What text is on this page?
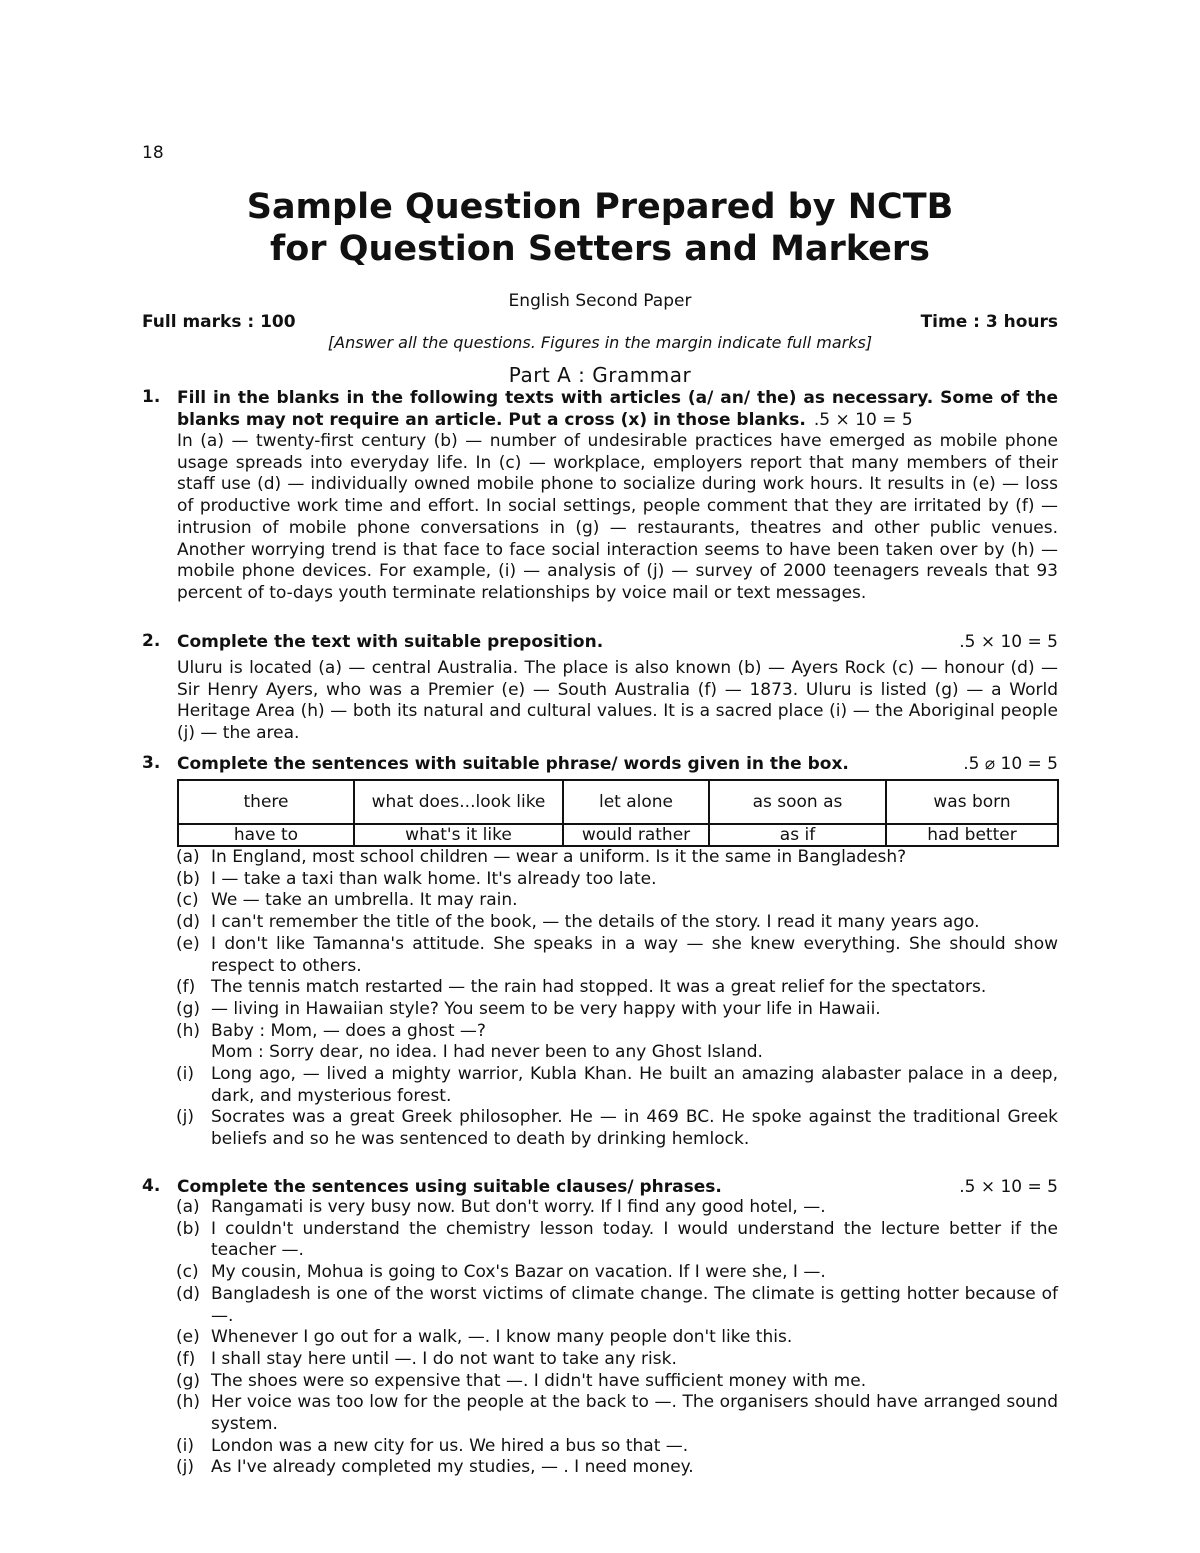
18
Sample Question Prepared by NCTB
for Question Setters and Markers
English Second Paper
Full marks : 100	Time : 3 hours
[Answer all the questions. Figures in the margin indicate full marks]
Part A : Grammar
1. Fill in the blanks in the following texts with articles (a/ an/ the) as necessary. Some of the blanks may not require an article. Put a cross (x) in those blanks. .5 × 10 = 5
In (a) — twenty-first century (b) — number of undesirable practices have emerged as mobile phone usage spreads into everyday life. In (c) — workplace, employers report that many members of their staff use (d) — individually owned mobile phone to socialize during work hours. It results in (e) — loss of productive work time and effort. In social settings, people comment that they are irritated by (f) — intrusion of mobile phone conversations in (g) — restaurants, theatres and other public venues. Another worrying trend is that face to face social interaction seems to have been taken over by (h) — mobile phone devices. For example, (i) — analysis of (j) — survey of 2000 teenagers reveals that 93 percent of to-days youth terminate relationships by voice mail or text messages.
2.	.5 × 10 = 5
Complete the text with suitable preposition.
Uluru is located (a) — central Australia. The place is also known (b) — Ayers Rock (c) — honour (d) — Sir Henry Ayers, who was a Premier (e) — South Australia (f) — 1873. Uluru is listed (g) — a World Heritage Area (h) — both its natural and cultural values. It is a sacred place (i) — the Aboriginal people (j) — the area.
3.	.5 ⌀ 10 = 5
Complete the sentences with suitable phrase/ words given in the box.
there	what does...look like	let alone	as soon as	was born
have to	what's it like	would rather	as if	had better
(a) In England, most school children — wear a uniform. Is it the same in Bangladesh?
(b) I — take a taxi than walk home. It's already too late.
(c) We — take an umbrella. It may rain.
(d) I can't remember the title of the book, — the details of the story. I read it many years ago.
(e) I don't like Tamanna's attitude. She speaks in a way — she knew everything. She should show respect to others.
(f) The tennis match restarted — the rain had stopped. It was a great relief for the spectators.
(g) — living in Hawaiian style? You seem to be very happy with your life in Hawaii.
(h) Baby : Mom, — does a ghost —?
Mom : Sorry dear, no idea. I had never been to any Ghost Island.
(i) Long ago, — lived a mighty warrior, Kubla Khan. He built an amazing alabaster palace in a deep, dark, and mysterious forest.
(j) Socrates was a great Greek philosopher. He — in 469 BC. He spoke against the traditional Greek beliefs and so he was sentenced to death by drinking hemlock.
4.	.5 × 10 = 5
Complete the sentences using suitable clauses/ phrases.
(a) Rangamati is very busy now. But don't worry. If I find any good hotel, —.
(b) I couldn't understand the chemistry lesson today. I would understand the lecture better if the teacher —.
(c) My cousin, Mohua is going to Cox's Bazar on vacation. If I were she, I —.
(d) Bangladesh is one of the worst victims of climate change. The climate is getting hotter because of —.
(e) Whenever I go out for a walk, —. I know many people don't like this.
(f) I shall stay here until —. I do not want to take any risk.
(g) The shoes were so expensive that —. I didn't have sufficient money with me.
(h) Her voice was too low for the people at the back to —. The organisers should have arranged sound system.
(i) London was a new city for us. We hired a bus so that —.
(j) As I've already completed my studies, — . I need money.
